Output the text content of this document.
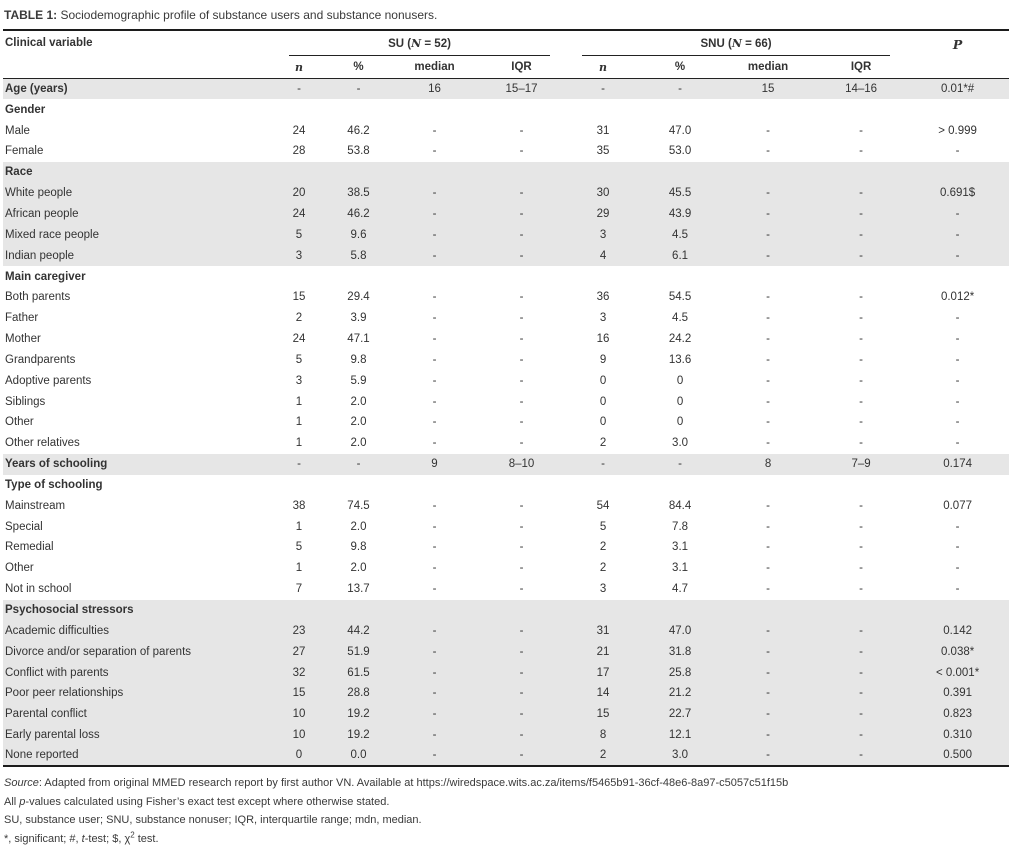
TABLE 1: Sociodemographic profile of substance users and substance nonusers.
Clinical variable	SU (N = 52)				SNU (N = 66)				P
	n	%	median	IQR	n	%	median	IQR	
Age (years)	-	-	16	15–17	-	-	15	14–16	0.01*#
Gender									
Male	24	46.2	-	-	31	47.0	-	-	> 0.999
Female	28	53.8	-	-	35	53.0	-	-	-
Race									
White people	20	38.5	-	-	30	45.5	-	-	0.691$
African people	24	46.2	-	-	29	43.9	-	-	-
Mixed race people	5	9.6	-	-	3	4.5	-	-	-
Indian people	3	5.8	-	-	4	6.1	-	-	-
Main caregiver									
Both parents	15	29.4	-	-	36	54.5	-	-	0.012*
Father	2	3.9	-	-	3	4.5	-	-	-
Mother	24	47.1	-	-	16	24.2	-	-	-
Grandparents	5	9.8	-	-	9	13.6	-	-	-
Adoptive parents	3	5.9	-	-	0	0	-	-	-
Siblings	1	2.0	-	-	0	0	-	-	-
Other	1	2.0	-	-	0	0	-	-	-
Other relatives	1	2.0	-	-	2	3.0	-	-	-
Years of schooling	-	-	9	8–10	-	-	8	7–9	0.174
Type of schooling									
Mainstream	38	74.5	-	-	54	84.4	-	-	0.077
Special	1	2.0	-	-	5	7.8	-	-	-
Remedial	5	9.8	-	-	2	3.1	-	-	-
Other	1	2.0	-	-	2	3.1	-	-	-
Not in school	7	13.7	-	-	3	4.7	-	-	-
Psychosocial stressors									
Academic difficulties	23	44.2	-	-	31	47.0	-	-	0.142
Divorce and/or separation of parents	27	51.9	-	-	21	31.8	-	-	0.038*
Conflict with parents	32	61.5	-	-	17	25.8	-	-	< 0.001*
Poor peer relationships	15	28.8	-	-	14	21.2	-	-	0.391
Parental conflict	10	19.2	-	-	15	22.7	-	-	0.823
Early parental loss	10	19.2	-	-	8	12.1	-	-	0.310
None reported	0	0.0	-	-	2	3.0	-	-	0.500
Source: Adapted from original MMED research report by first author VN. Available at https://wiredspace.wits.ac.za/items/f5465b91-36cf-48e6-8a97-c5057c51f15b
All p-values calculated using Fisher’s exact test except where otherwise stated.
SU, substance user; SNU, substance nonuser; IQR, interquartile range; mdn, median.
*, significant; #, t-test; $, $\chi^2$ test.
